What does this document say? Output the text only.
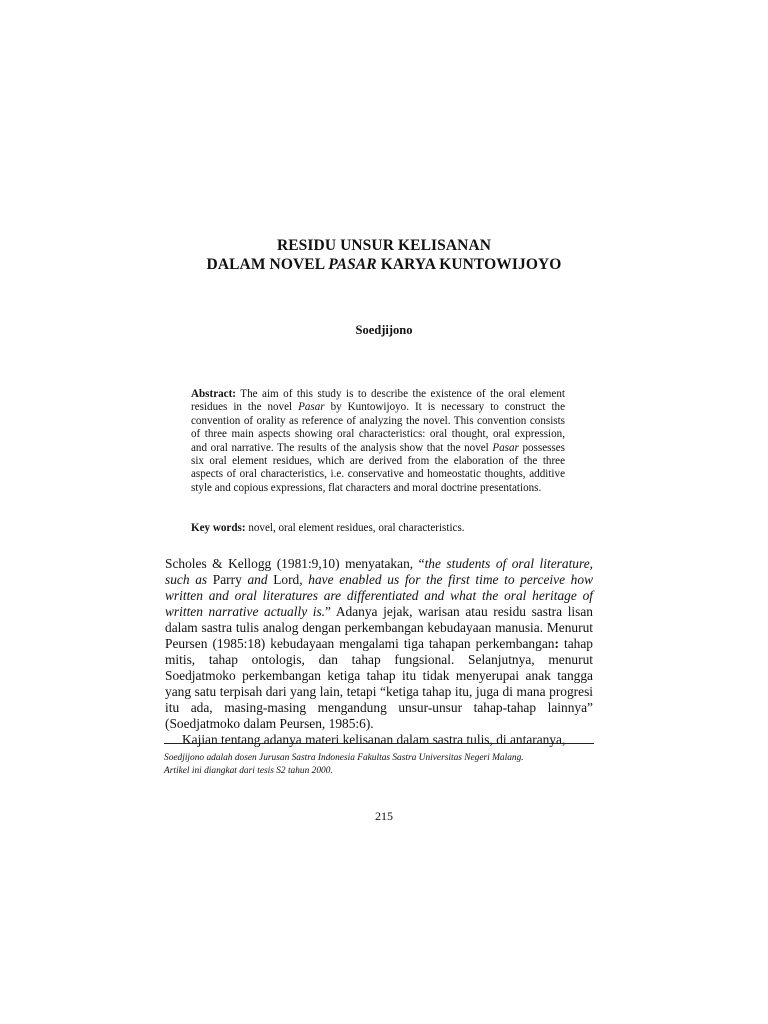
RESIDU UNSUR KELISANAN
DALAM NOVEL PASAR KARYA KUNTOWIJOYO
Soedjijono

Abstract: The aim of this study is to describe the existence of the oral element residues in the novel Pasar by Kuntowijoyo. It is necessary to construct the convention of orality as reference of analyzing the novel. This convention consists of three main aspects showing oral characteristics: oral thought, oral expression, and oral narrative. The results of the analysis show that the novel Pasar possesses six oral element residues, which are derived from the elaboration of the three aspects of oral characteristics, i.e. conservative and homeostatic thoughts, additive style and copious expressions, flat characters and moral doctrine presentations.

Key words: novel, oral element residues, oral characteristics.

Scholes & Kellogg (1981:9,10) menyatakan, “the students of oral literature, such as Parry and Lord, have enabled us for the first time to perceive how written and oral literatures are differentiated and what the oral heritage of written narrative actually is.” Adanya jejak, warisan atau residu sastra lisan dalam sastra tulis analog dengan perkembangan kebudayaan manusia. Menurut Peursen (1985:18) kebudayaan mengalami tiga tahapan perkembangan: tahap mitis, tahap ontologis, dan tahap fungsional. Selanjutnya, menurut Soedjatmoko perkembangan ketiga tahap itu tidak menyerupai anak tangga yang satu terpisah dari yang lain, tetapi “ketiga tahap itu, juga di mana progresi itu ada, masing-masing mengandung unsur-unsur tahap-tahap lainnya” (Soedjatmoko dalam Peursen, 1985:6).

Kajian tentang adanya materi kelisanan dalam sastra tulis, di antaranya,

Soedjijono adalah dosen Jurusan Sastra Indonesia Fakultas Sastra Universitas Negeri Malang.
Artikel ini diangkat dari tesis S2 tahun 2000.
215
